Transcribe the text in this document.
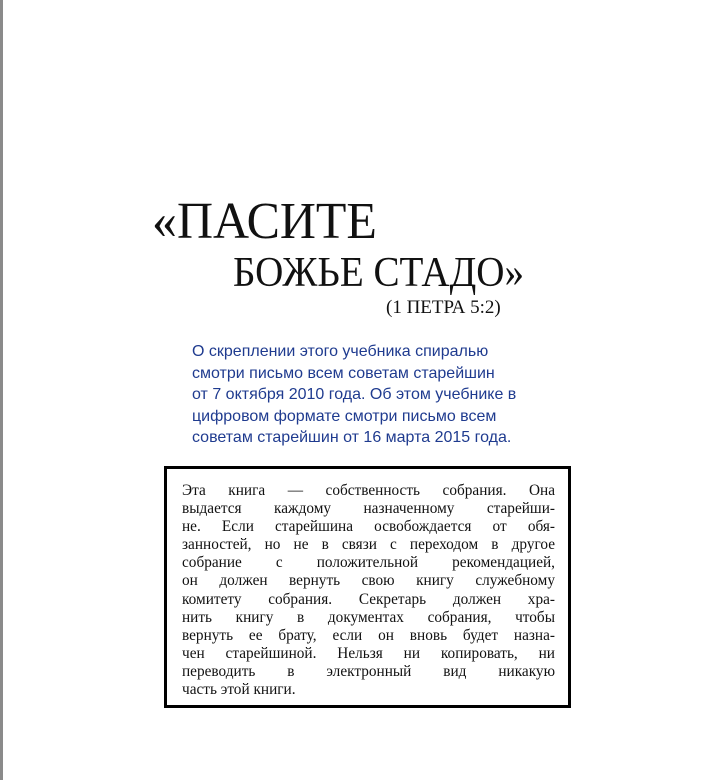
«ПАСИТЕ
БОЖЬЕ СТАДО»
(1 ПЕТРА 5:2)
О скреплении этого учебника спиралью
смотри письмо всем советам старейшин
от 7 октября 2010 года. Об этом учебнике в
цифровом формате смотри письмо всем
советам старейшин от 16 марта 2015 года.
Эта книга — собственность собрания. Она
выдается каждому назначенному старейши-
не. Если старейшина освобождается от обя-
занностей, но не в связи с переходом в другое
собрание с положительной рекомендацией,
он должен вернуть свою книгу служебному
комитету собрания. Секретарь должен хра-
нить книгу в документах собрания, чтобы
вернуть ее брату, если он вновь будет назна-
чен старейшиной. Нельзя ни копировать, ни
переводить в электронный вид никакую
часть этой книги.
